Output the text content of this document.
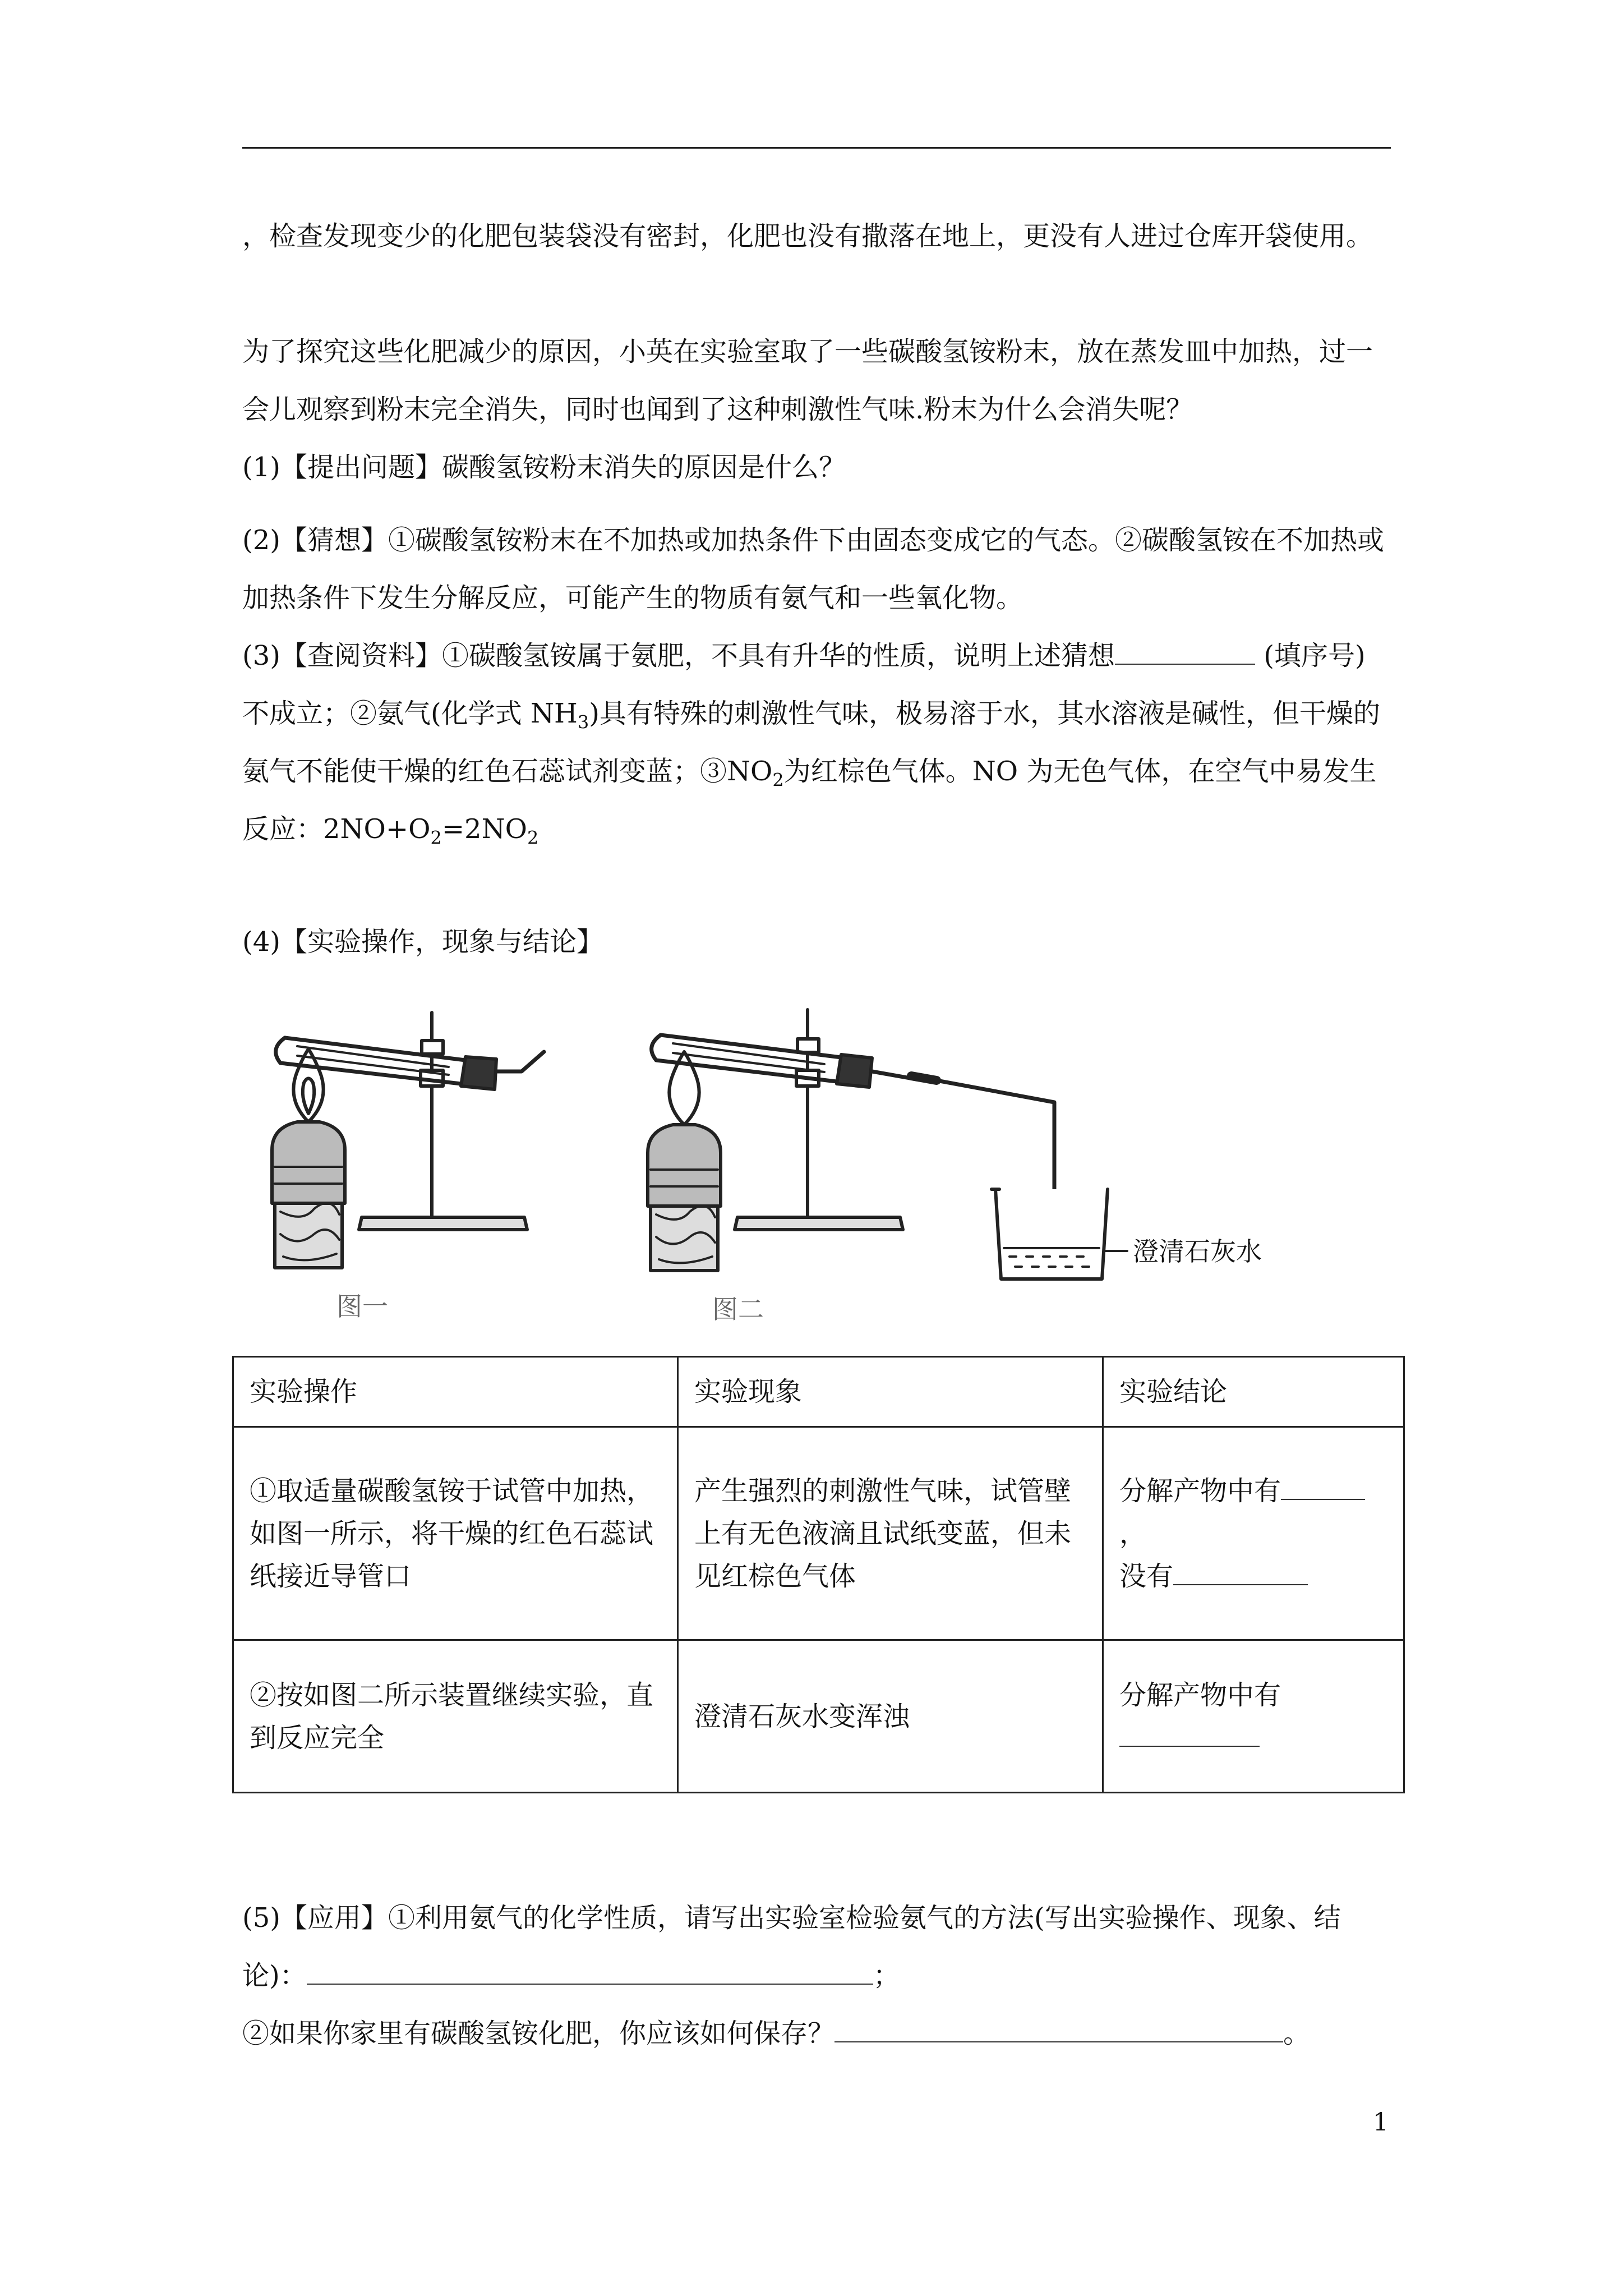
，检查发现变少的化肥包装袋没有密封，化肥也没有撒落在地上，更没有人进过仓库开袋使用。

为了探究这些化肥减少的原因，小英在实验室取了一些碳酸氢铵粉末，放在蒸发皿中加热，过一会儿观察到粉末完全消失，同时也闻到了这种刺激性气味.粉末为什么会消失呢？

(1)【提出问题】碳酸氢铵粉末消失的原因是什么？

(2)【猜想】①碳酸氢铵粉末在不加热或加热条件下由固态变成它的气态。②碳酸氢铵在不加热或加热条件下发生分解反应，可能产生的物质有氨气和一些氧化物。

(3)【查阅资料】①碳酸氢铵属于氨肥，不具有升华的性质，说明上述猜想	(填序号)不成立；②氨气(化学式 $NH_3$)具有特殊的刺激性气味，极易溶于水，其水溶液是碱性，但干燥的氨气不能使干燥的红色石蕊试剂变蓝；$③NO_2$为红棕色气体。NO 为无色气体，在空气中易发生反应：$2NO+O_2=2NO_2$

(4)【实验操作，现象与结论】

图一	图二
澄清石灰水
实验操作	实验现象	实验结论
①取适量碳酸氢铵于试管中加热，如图一所示，将干燥的红色石蕊试纸接近导管口	产生强烈的刺激性气味，试管壁上有无色液滴且试纸变蓝，但未见红棕色气体	分解产物中有，
没有
②按如图二所示装置继续实验，直到反应完全	澄清石灰水变浑浊	分解产物中有

(5)【应用】①利用氨气的化学性质，请写出实验室检验氨气的方法(写出实验操作、现象、结论)：	；

②如果你家里有碳酸氢铵化肥，你应该如何保存？	。

1
